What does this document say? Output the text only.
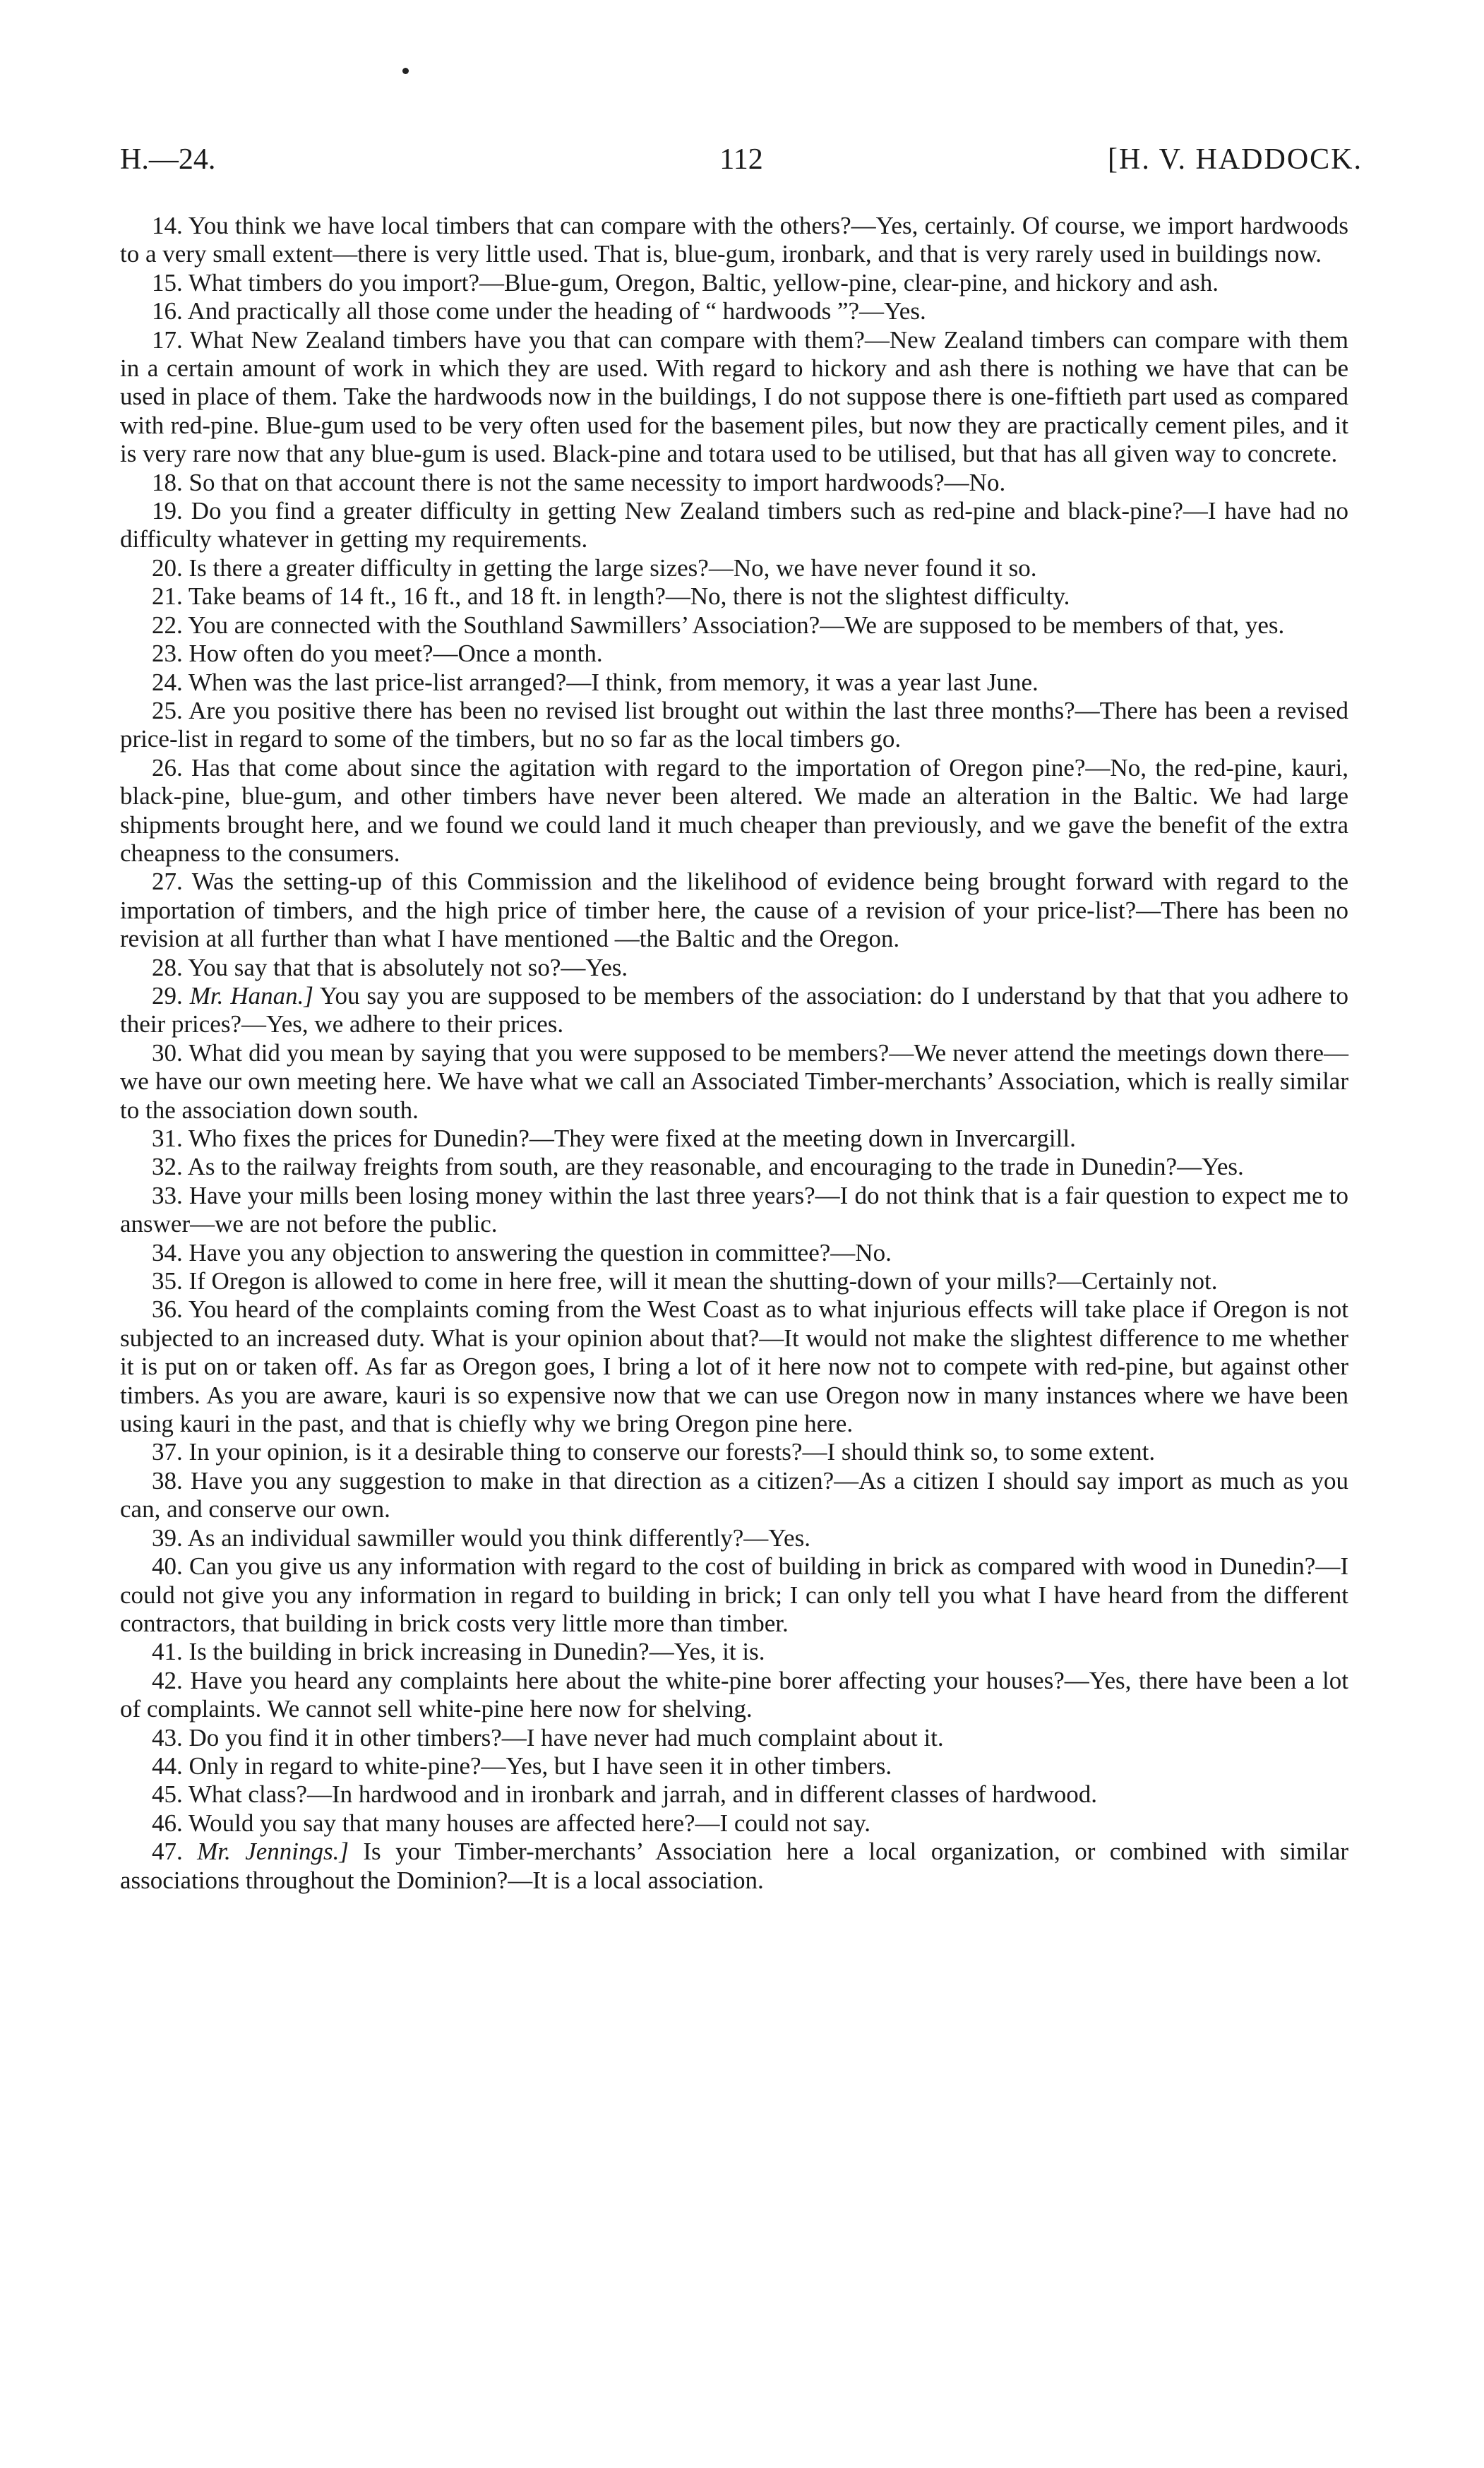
H.—24.	112	[H. V. HADDOCK.

14. You think we have local timbers that can compare with the others?—Yes, certainly. Of course, we import hardwoods to a very small extent—there is very little used. That is, blue-gum, ironbark, and that is very rarely used in buildings now.

15. What timbers do you import?—Blue-gum, Oregon, Baltic, yellow-pine, clear-pine, and hickory and ash.

16. And practically all those come under the heading of “ hardwoods ”?—Yes.

17. What New Zealand timbers have you that can compare with them?—New Zealand timbers can compare with them in a certain amount of work in which they are used. With regard to hickory and ash there is nothing we have that can be used in place of them. Take the hardwoods now in the buildings, I do not suppose there is one-fiftieth part used as compared with red-pine. Blue-gum used to be very often used for the basement piles, but now they are practically cement piles, and it is very rare now that any blue-gum is used. Black-pine and totara used to be utilised, but that has all given way to concrete.

18. So that on that account there is not the same necessity to import hardwoods?—No.

19. Do you find a greater difficulty in getting New Zealand timbers such as red-pine and black-pine?—I have had no difficulty whatever in getting my requirements.

20. Is there a greater difficulty in getting the large sizes?—No, we have never found it so.

21. Take beams of 14 ft., 16 ft., and 18 ft. in length?—No, there is not the slightest difficulty.

22. You are connected with the Southland Sawmillers’ Association?—We are supposed to be members of that, yes.

23. How often do you meet?—Once a month.

24. When was the last price-list arranged?—I think, from memory, it was a year last June.

25. Are you positive there has been no revised list brought out within the last three months?—There has been a revised price-list in regard to some of the timbers, but no so far as the local timbers go.

26. Has that come about since the agitation with regard to the importation of Oregon pine?—No, the red-pine, kauri, black-pine, blue-gum, and other timbers have never been altered. We made an alteration in the Baltic. We had large shipments brought here, and we found we could land it much cheaper than previously, and we gave the benefit of the extra cheapness to the consumers.

27. Was the setting-up of this Commission and the likelihood of evidence being brought forward with regard to the importation of timbers, and the high price of timber here, the cause of a revision of your price-list?—There has been no revision at all further than what I have mentioned —the Baltic and the Oregon.

28. You say that that is absolutely not so?—Yes.

29. Mr. Hanan.] You say you are supposed to be members of the association: do I understand by that that you adhere to their prices?—Yes, we adhere to their prices.

30. What did you mean by saying that you were supposed to be members?—We never attend the meetings down there—we have our own meeting here. We have what we call an Associated Timber-merchants’ Association, which is really similar to the association down south.

31. Who fixes the prices for Dunedin?—They were fixed at the meeting down in Invercargill.

32. As to the railway freights from south, are they reasonable, and encouraging to the trade in Dunedin?—Yes.

33. Have your mills been losing money within the last three years?—I do not think that is a fair question to expect me to answer—we are not before the public.

34. Have you any objection to answering the question in committee?—No.

35. If Oregon is allowed to come in here free, will it mean the shutting-down of your mills?—Certainly not.

36. You heard of the complaints coming from the West Coast as to what injurious effects will take place if Oregon is not subjected to an increased duty. What is your opinion about that?—It would not make the slightest difference to me whether it is put on or taken off. As far as Oregon goes, I bring a lot of it here now not to compete with red-pine, but against other timbers. As you are aware, kauri is so expensive now that we can use Oregon now in many instances where we have been using kauri in the past, and that is chiefly why we bring Oregon pine here.

37. In your opinion, is it a desirable thing to conserve our forests?—I should think so, to some extent.

38. Have you any suggestion to make in that direction as a citizen?—As a citizen I should say import as much as you can, and conserve our own.

39. As an individual sawmiller would you think differently?—Yes.

40. Can you give us any information with regard to the cost of building in brick as compared with wood in Dunedin?—I could not give you any information in regard to building in brick; I can only tell you what I have heard from the different contractors, that building in brick costs very little more than timber.

41. Is the building in brick increasing in Dunedin?—Yes, it is.

42. Have you heard any complaints here about the white-pine borer affecting your houses?—Yes, there have been a lot of complaints. We cannot sell white-pine here now for shelving.

43. Do you find it in other timbers?—I have never had much complaint about it.

44. Only in regard to white-pine?—Yes, but I have seen it in other timbers.

45. What class?—In hardwood and in ironbark and jarrah, and in different classes of hardwood.

46. Would you say that many houses are affected here?—I could not say.

47. Mr. Jennings.] Is your Timber-merchants’ Association here a local organization, or combined with similar associations throughout the Dominion?—It is a local association.
